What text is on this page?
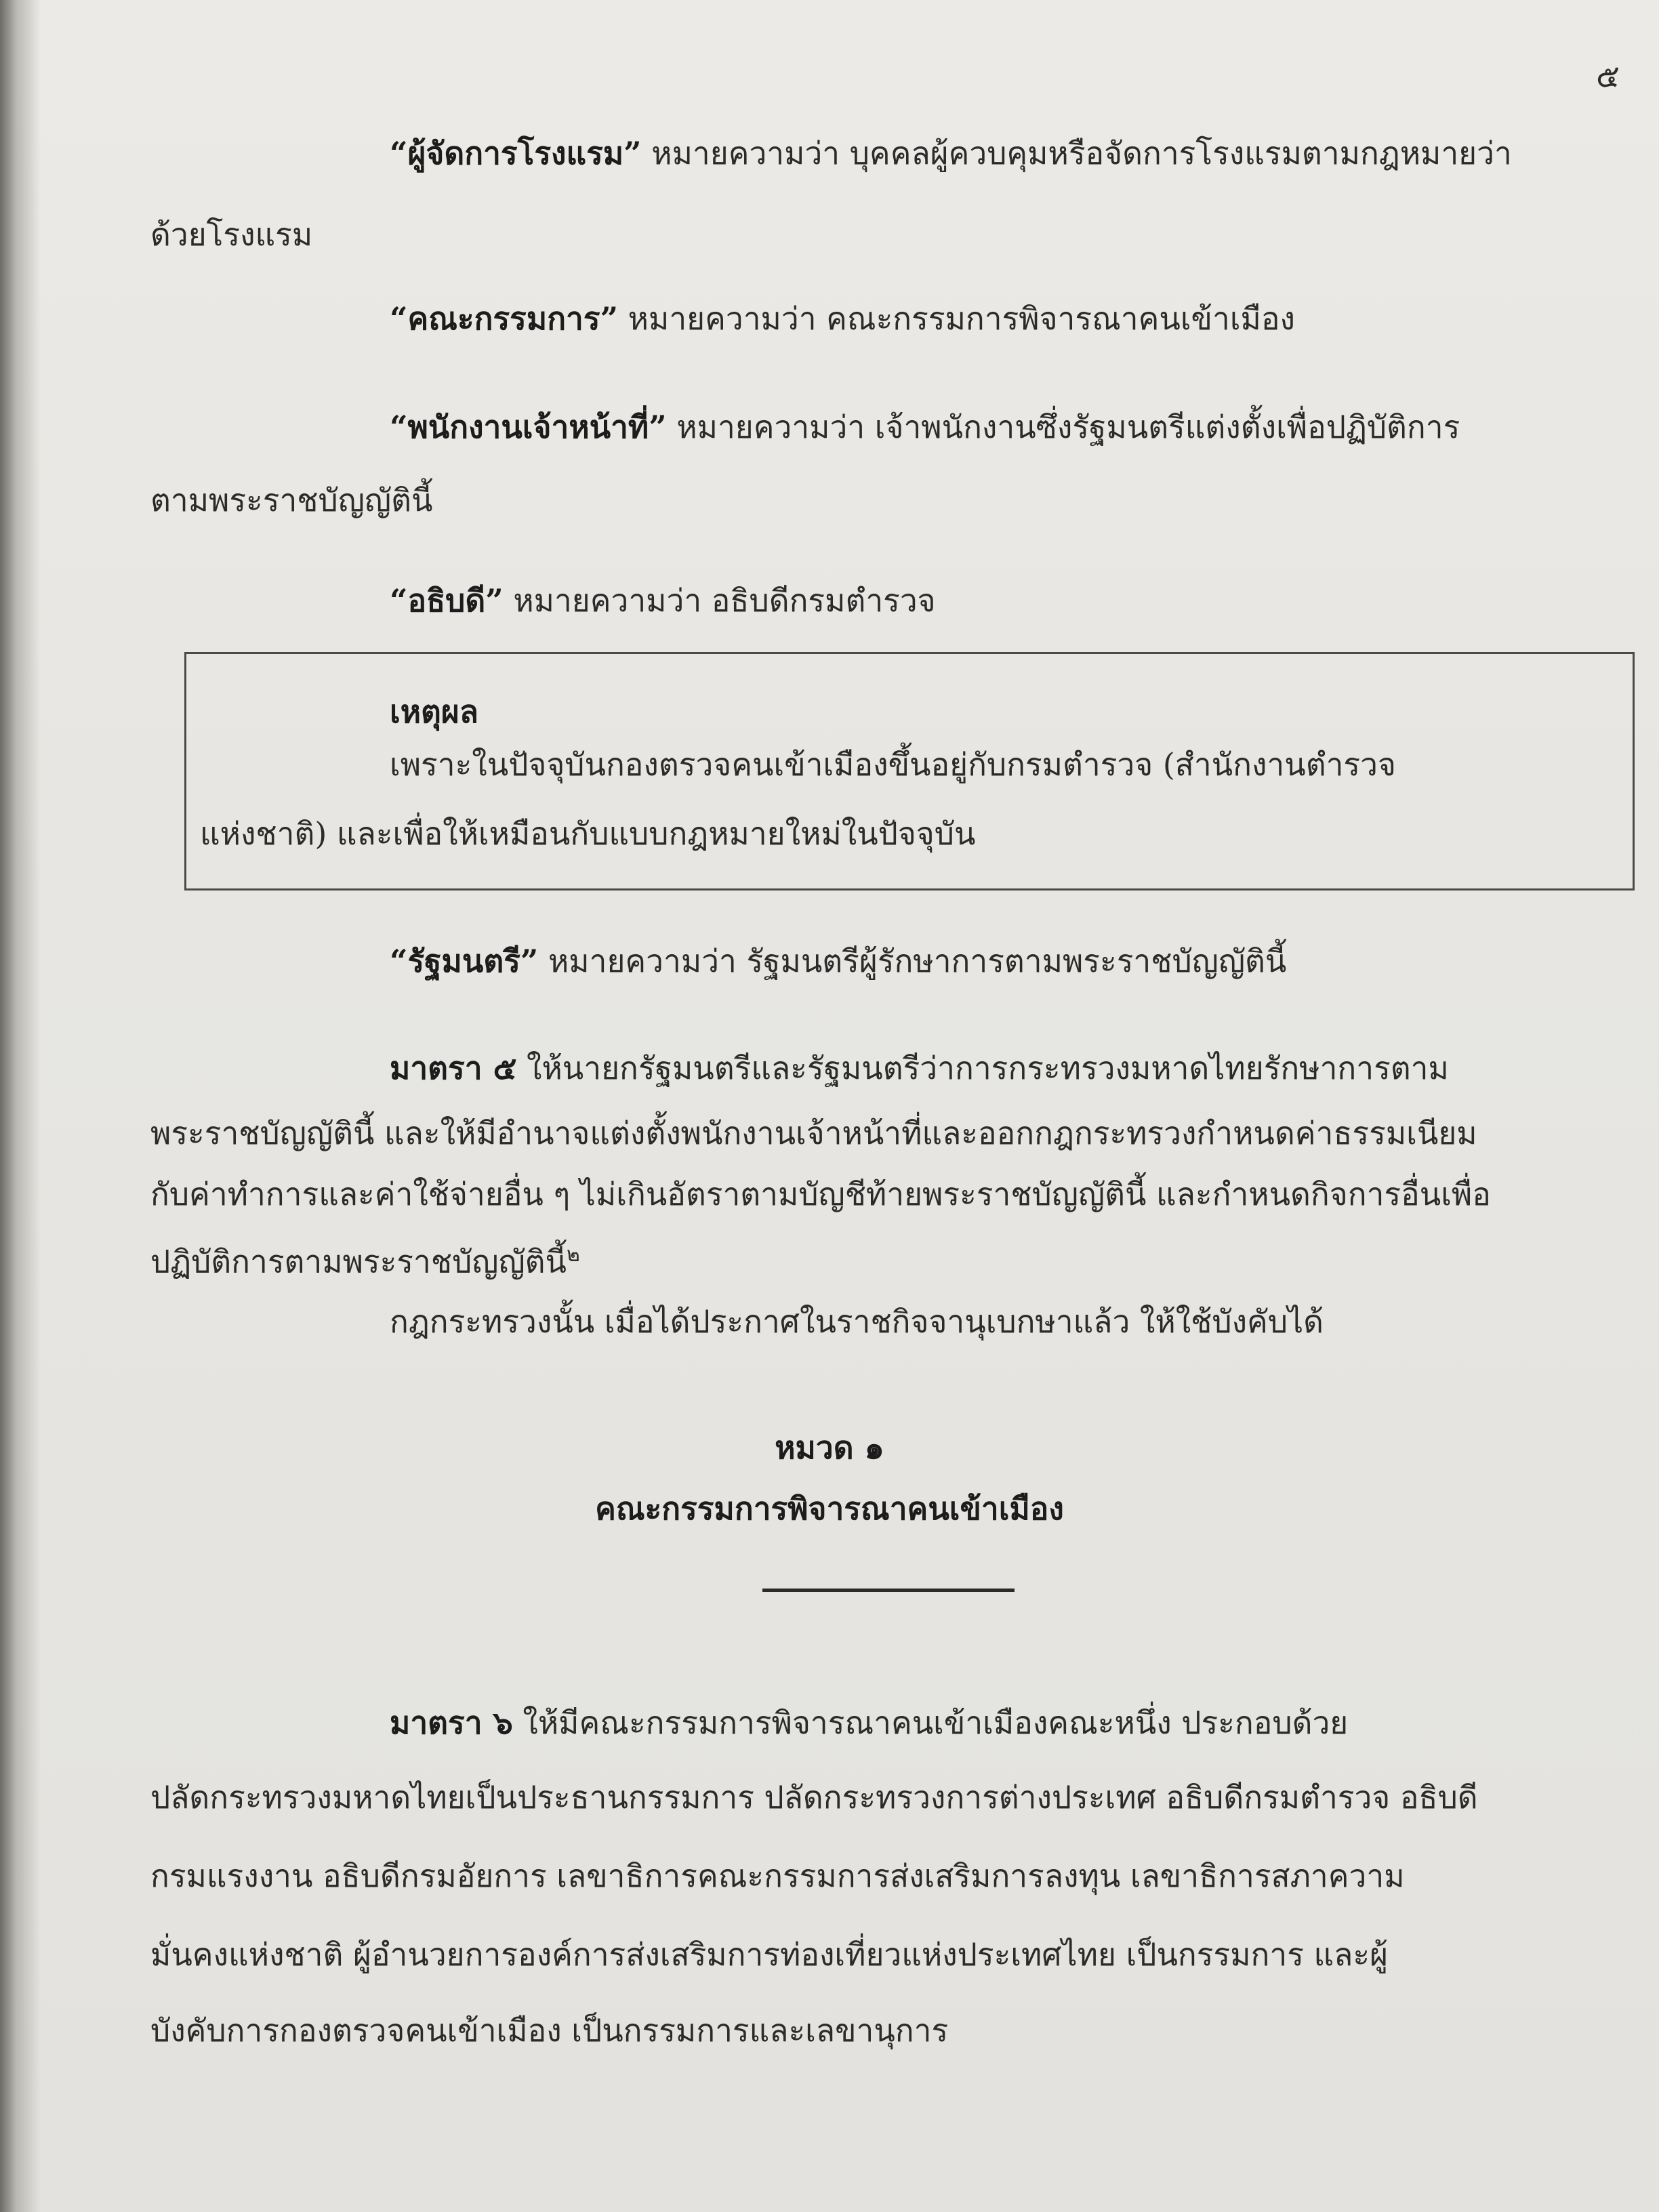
๕
“ผู้จัดการโรงแรม” หมายความว่า บุคคลผู้ควบคุมหรือจัดการโรงแรมตามกฎหมายว่า
ด้วยโรงแรม
“คณะกรรมการ” หมายความว่า คณะกรรมการพิจารณาคนเข้าเมือง
“พนักงานเจ้าหน้าที่” หมายความว่า เจ้าพนักงานซึ่งรัฐมนตรีแต่งตั้งเพื่อปฏิบัติการ
ตามพระราชบัญญัตินี้
“อธิบดี” หมายความว่า อธิบดีกรมตำรวจ
เหตุผล
เพราะในปัจจุบันกองตรวจคนเข้าเมืองขึ้นอยู่กับกรมตำรวจ (สำนักงานตำรวจ
แห่งชาติ) และเพื่อให้เหมือนกับแบบกฎหมายใหม่ในปัจจุบัน
“รัฐมนตรี” หมายความว่า รัฐมนตรีผู้รักษาการตามพระราชบัญญัตินี้
มาตรา ๕ ให้นายกรัฐมนตรีและรัฐมนตรีว่าการกระทรวงมหาดไทยรักษาการตาม
พระราชบัญญัตินี้ และให้มีอำนาจแต่งตั้งพนักงานเจ้าหน้าที่และออกกฎกระทรวงกำหนดค่าธรรมเนียม
กับค่าทำการและค่าใช้จ่ายอื่น ๆ ไม่เกินอัตราตามบัญชีท้ายพระราชบัญญัตินี้ และกำหนดกิจการอื่นเพื่อ
ปฏิบัติการตามพระราชบัญญัตินี้$^๒$
กฎกระทรวงนั้น เมื่อได้ประกาศในราชกิจจานุเบกษาแล้ว ให้ใช้บังคับได้
หมวด ๑
คณะกรรมการพิจารณาคนเข้าเมือง
มาตรา ๖ ให้มีคณะกรรมการพิจารณาคนเข้าเมืองคณะหนึ่ง ประกอบด้วย
ปลัดกระทรวงมหาดไทยเป็นประธานกรรมการ ปลัดกระทรวงการต่างประเทศ อธิบดีกรมตำรวจ อธิบดี
กรมแรงงาน อธิบดีกรมอัยการ เลขาธิการคณะกรรมการส่งเสริมการลงทุน เลขาธิการสภาความ
มั่นคงแห่งชาติ ผู้อำนวยการองค์การส่งเสริมการท่องเที่ยวแห่งประเทศไทย เป็นกรรมการ และผู้
บังคับการกองตรวจคนเข้าเมือง เป็นกรรมการและเลขานุการ
